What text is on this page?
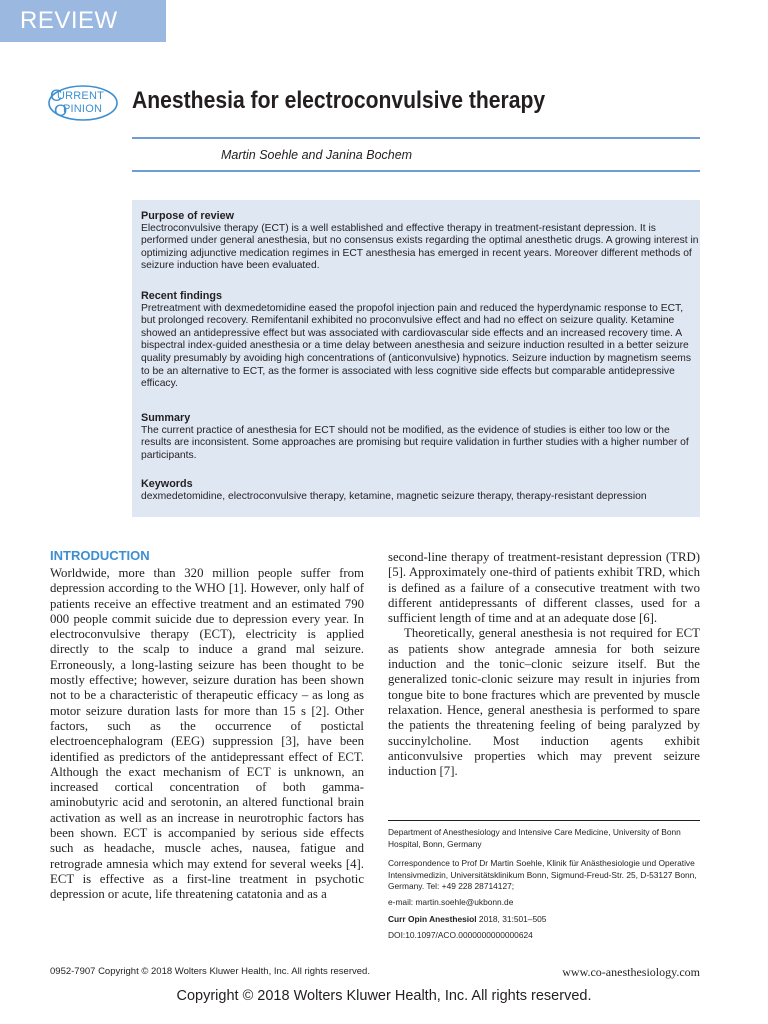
REVIEW
C
O
URRENT
PINION Anesthesia for electroconvulsive therapy
Martin Soehle and Janina Bochem
Purpose of review
Electroconvulsive therapy (ECT) is a well established and effective therapy in treatment-resistant depression. It is performed under general anesthesia, but no consensus exists regarding the optimal anesthetic drugs. A growing interest in optimizing adjunctive medication regimes in ECT anesthesia has emerged in recent years. Moreover different methods of seizure induction have been evaluated.
Recent findings
Pretreatment with dexmedetomidine eased the propofol injection pain and reduced the hyperdynamic response to ECT, but prolonged recovery. Remifentanil exhibited no proconvulsive effect and had no effect on seizure quality. Ketamine showed an antidepressive effect but was associated with cardiovascular side effects and an increased recovery time. A bispectral index-guided anesthesia or a time delay between anesthesia and seizure induction resulted in a better seizure quality presumably by avoiding high concentrations of (anticonvulsive) hypnotics. Seizure induction by magnetism seems to be an alternative to ECT, as the former is associated with less cognitive side effects but comparable antidepressive efficacy.
Summary
The current practice of anesthesia for ECT should not be modified, as the evidence of studies is either too low or the results are inconsistent. Some approaches are promising but require validation in further studies with a higher number of participants.
Keywords
dexmedetomidine, electroconvulsive therapy, ketamine, magnetic seizure therapy, therapy-resistant depression
INTRODUCTION

Worldwide, more than 320 million people suffer from depression according to the WHO [1]. However, only half of patients receive an effective treatment and an estimated 790 000 people commit suicide due to depression every year. In electroconvulsive therapy (ECT), electricity is applied directly to the scalp to induce a grand mal seizure. Erroneously, a long-lasting seizure has been thought to be mostly effective; however, seizure duration has been shown not to be a characteristic of therapeutic efficacy – as long as motor seizure duration lasts for more than 15 s [2]. Other factors, such as the occurrence of postictal electroencephalogram (EEG) suppression [3], have been identified as predictors of the antidepressant effect of ECT. Although the exact mechanism of ECT is unknown, an increased cortical concentration of both gamma-aminobutyric acid and serotonin, an altered functional brain activation as well as an increase in neurotrophic factors has been shown. ECT is accompanied by serious side effects such as headache, muscle aches, nausea, fatigue and retrograde amnesia which may extend for several weeks [4]. ECT is effective as a first-line treatment in psychotic depression or acute, life threatening catatonia and as a

second-line therapy of treatment-resistant depression (TRD) [5]. Approximately one-third of patients exhibit TRD, which is defined as a failure of a consecutive treatment with two different antidepressants of different classes, used for a sufficient length of time and at an adequate dose [6].

Theoretically, general anesthesia is not required for ECT as patients show antegrade amnesia for both seizure induction and the tonic–clonic seizure itself. But the generalized tonic-clonic seizure may result in injuries from tongue bite to bone fractures which are prevented by muscle relaxation. Hence, general anesthesia is performed to spare the patients the threatening feeling of being paralyzed by succinylcholine. Most induction agents exhibit anticonvulsive properties which may prevent seizure induction [7].

Department of Anesthesiology and Intensive Care Medicine, University of Bonn Hospital, Bonn, Germany
Correspondence to Prof Dr Martin Soehle, Klinik für Anästhesiologie und Operative Intensivmedizin, Universitätsklinikum Bonn, Sigmund-Freud-Str. 25, D-53127 Bonn, Germany. Tel: +49 228 28714127;
e-mail: martin.soehle@ukbonn.de
Curr Opin Anesthesiol 2018, 31:501–505
DOI:10.1097/ACO.0000000000000624
0952-7907 Copyright © 2018 Wolters Kluwer Health, Inc. All rights reserved.	www.co-anesthesiology.com
Copyright © 2018 Wolters Kluwer Health, Inc. All rights reserved.
